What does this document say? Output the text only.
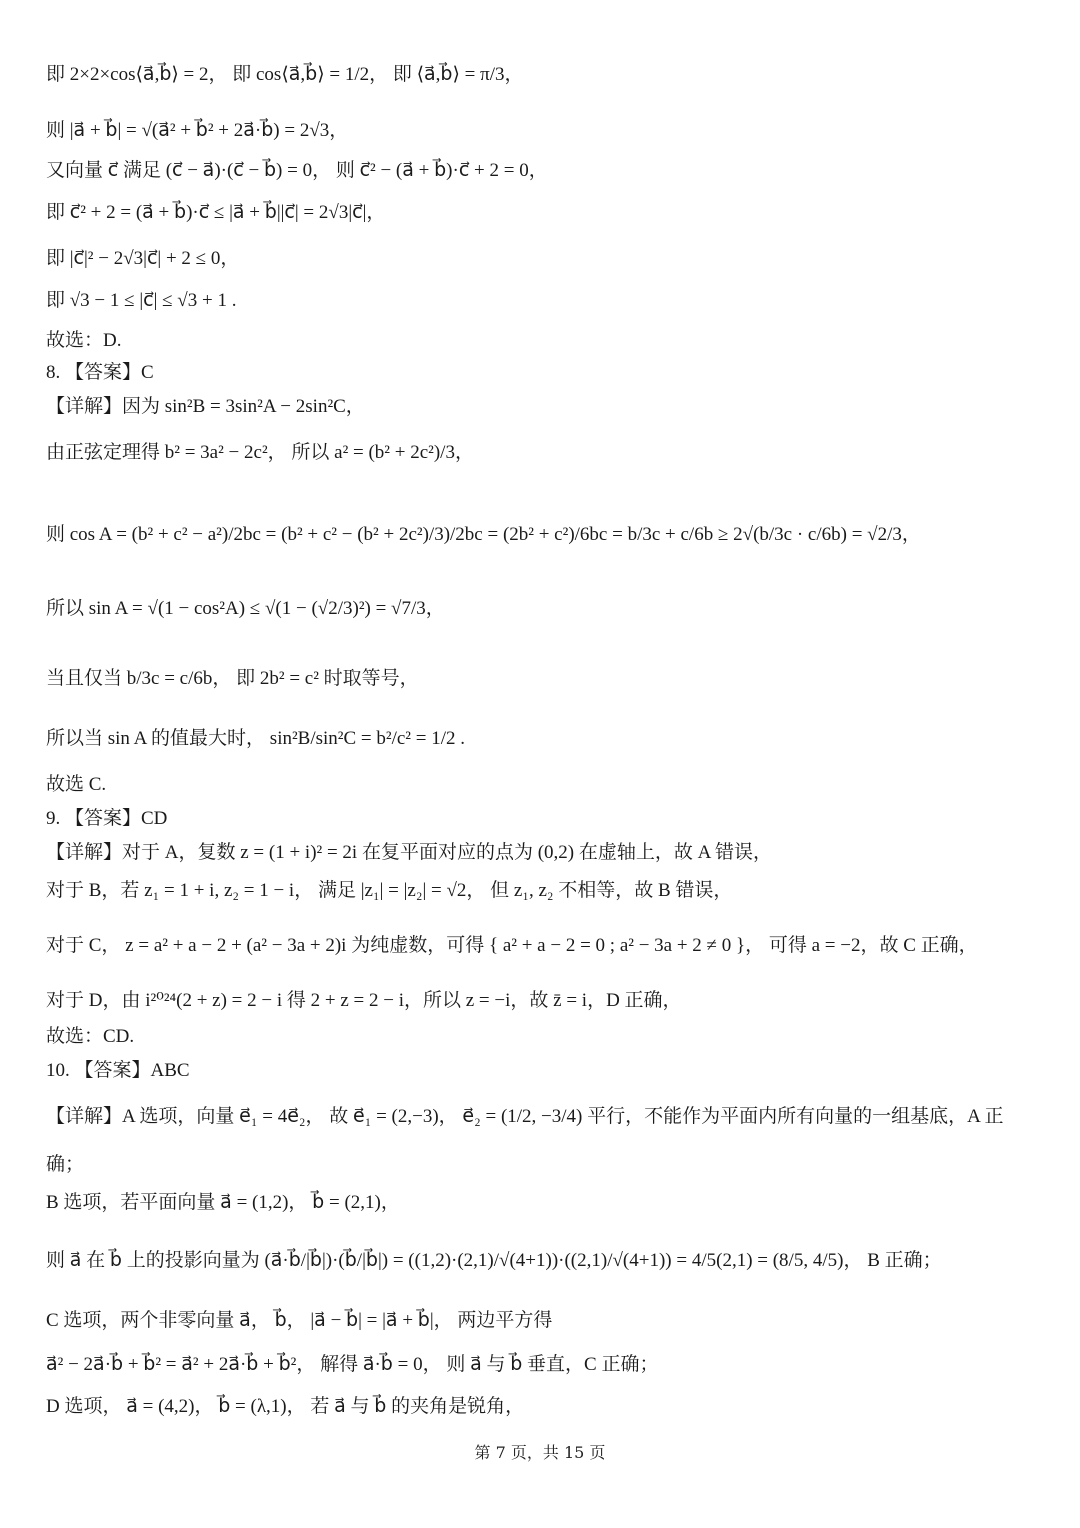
即 2×2×cos⟨a⃗,b⃗⟩ = 2， 即 cos⟨a⃗,b⃗⟩ = 1/2， 即 ⟨a⃗,b⃗⟩ = π/3，
则 |a⃗ + b⃗| = √(a⃗² + b⃗² + 2a⃗·b⃗) = 2√3，
又向量 c⃗ 满足 (c⃗ − a⃗)·(c⃗ − b⃗) = 0， 则 c⃗² − (a⃗ + b⃗)·c⃗ + 2 = 0，
即 c⃗² + 2 = (a⃗ + b⃗)·c⃗ ≤ |a⃗ + b⃗||c⃗| = 2√3|c⃗|，
即 |c⃗|² − 2√3|c⃗| + 2 ≤ 0，
即 √3 − 1 ≤ |c⃗| ≤ √3 + 1 .
故选：D.
8. 【答案】C
【详解】因为 sin²B = 3sin²A − 2sin²C，
由正弦定理得 b² = 3a² − 2c²， 所以 a² = (b² + 2c²)/3，
则 cos A = (b² + c² − a²)/2bc = (b² + c² − (b² + 2c²)/3)/2bc = (2b² + c²)/6bc = b/3c + c/6b ≥ 2√(b/3c · c/6b) = √2/3，
所以 sin A = √(1 − cos²A) ≤ √(1 − (√2/3)²) = √7/3，
当且仅当 b/3c = c/6b， 即 2b² = c² 时取等号，
所以当 sin A 的值最大时， sin²B/sin²C = b²/c² = 1/2 .
故选 C.
9. 【答案】CD
【详解】对于 A，复数 z = (1 + i)² = 2i 在复平面对应的点为 (0,2) 在虚轴上，故 A 错误，
对于 B，若 z₁ = 1 + i, z₂ = 1 − i， 满足 |z₁| = |z₂| = √2， 但 z₁, z₂ 不相等，故 B 错误，
对于 C， z = a² + a − 2 + (a² − 3a + 2)i 为纯虚数，可得 { a² + a − 2 = 0 ; a² − 3a + 2 ≠ 0 }， 可得 a = −2，故 C 正确，
对于 D，由 i²⁰²⁴(2 + z) = 2 − i 得 2 + z = 2 − i，所以 z = −i，故 z̄ = i，D 正确，
故选：CD.
10. 【答案】ABC
【详解】A 选项，向量 e⃗₁ = 4e⃗₂， 故 e⃗₁ = (2,−3)， e⃗₂ = (1/2, −3/4) 平行，不能作为平面内所有向量的一组基底，A 正
确；
B 选项，若平面向量 a⃗ = (1,2)， b⃗ = (2,1)，
则 a⃗ 在 b⃗ 上的投影向量为 (a⃗·b⃗/|b⃗|)·(b⃗/|b⃗|) = ((1,2)·(2,1)/√(4+1))·((2,1)/√(4+1)) = 4/5(2,1) = (8/5, 4/5)， B 正确；
C 选项，两个非零向量 a⃗， b⃗， |a⃗ − b⃗| = |a⃗ + b⃗|， 两边平方得
a⃗² − 2a⃗·b⃗ + b⃗² = a⃗² + 2a⃗·b⃗ + b⃗²， 解得 a⃗·b⃗ = 0， 则 a⃗ 与 b⃗ 垂直，C 正确；
D 选项， a⃗ = (4,2)， b⃗ = (λ,1)， 若 a⃗ 与 b⃗ 的夹角是锐角，
第 7 页，共 15 页
